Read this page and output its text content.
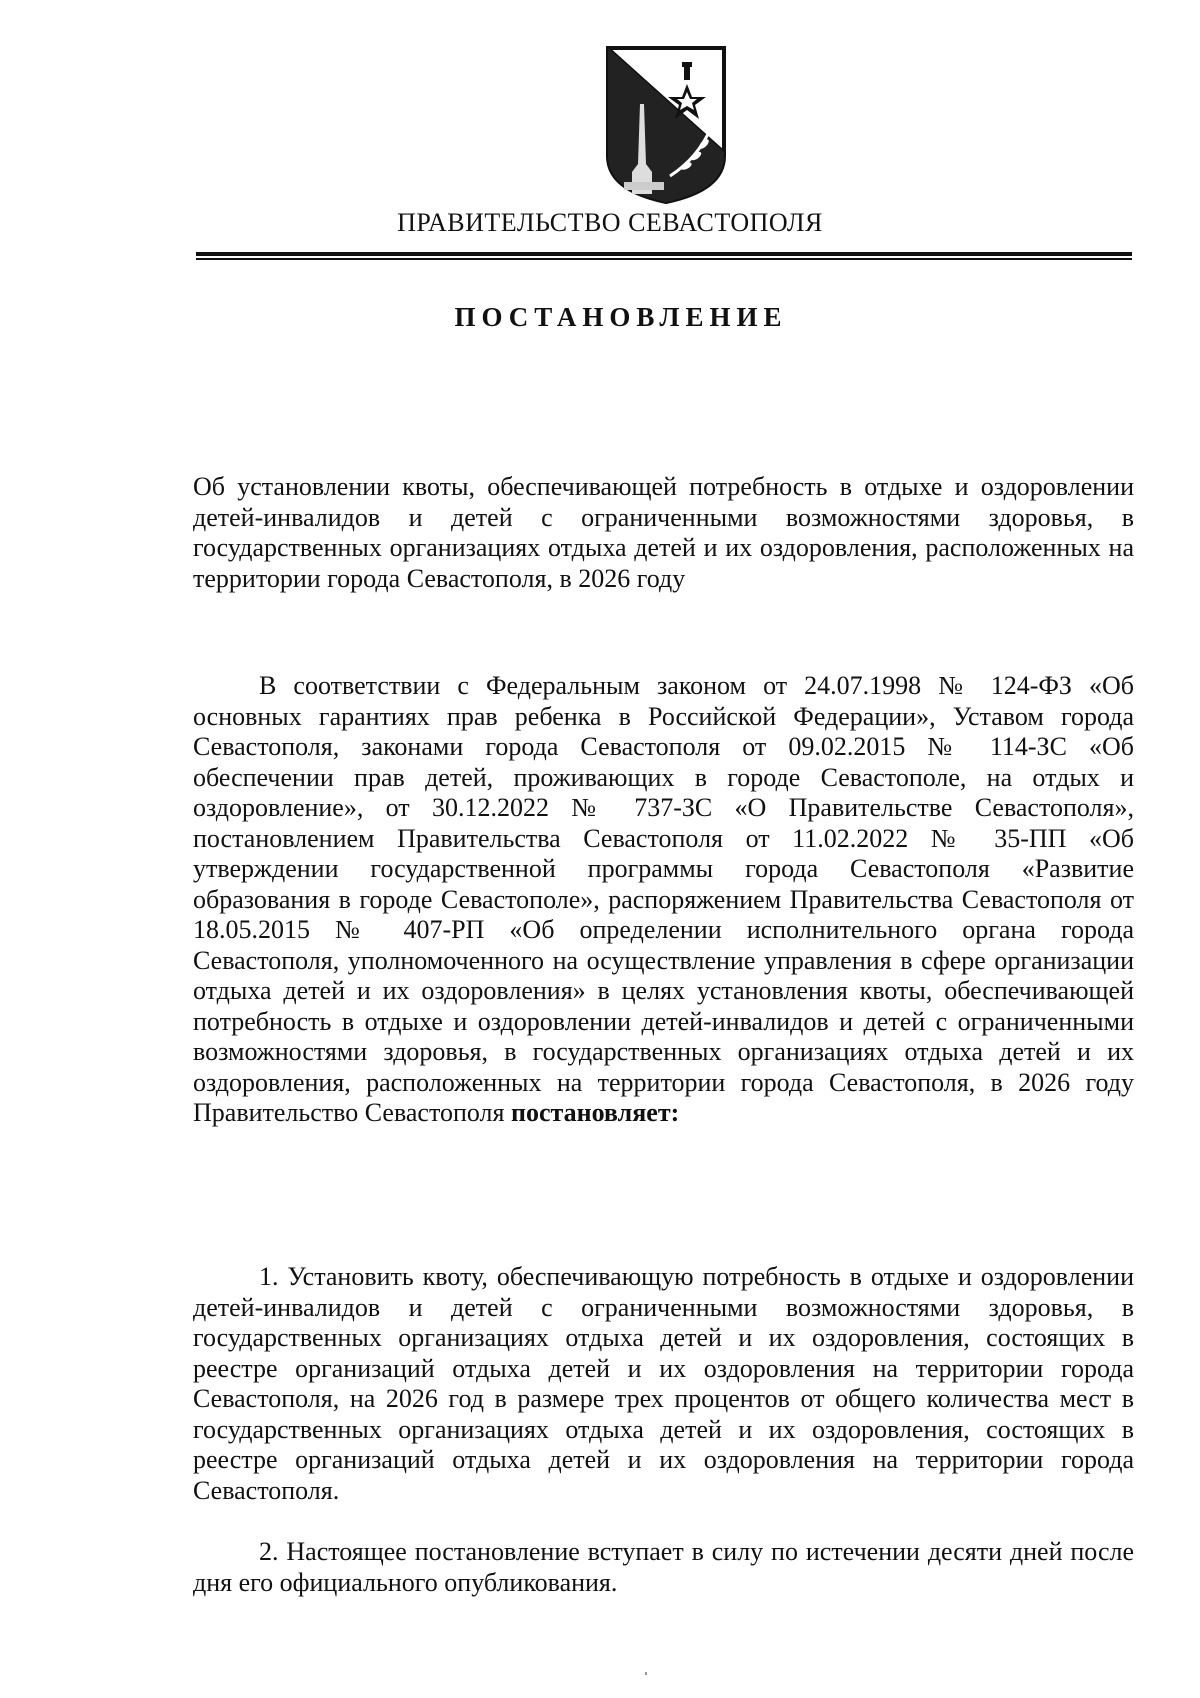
ПРАВИТЕЛЬСТВО СЕВАСТОПОЛЯ
ПОСТАНОВЛЕНИЕ
Об установлении квоты, обеспечивающей потребность в отдыхе и оздоровлении детей-инвалидов и детей с ограниченными возможностями здоровья, в государственных организациях отдыха детей и их оздоровления, расположенных на территории города Севастополя, в 2026 году
В соответствии с Федеральным законом от 24.07.1998 № 124-ФЗ «Об основных гарантиях прав ребенка в Российской Федерации», Уставом города Севастополя, законами города Севастополя от 09.02.2015 № 114-ЗС «Об обеспечении прав детей, проживающих в городе Севастополе, на отдых и оздоровление», от 30.12.2022 № 737-ЗС «О Правительстве Севастополя», постановлением Правительства Севастополя от 11.02.2022 № 35-ПП «Об утверждении государственной программы города Севастополя «Развитие образования в городе Севастополе», распоряжением Правительства Севастополя от 18.05.2015 № 407-РП «Об определении исполнительного органа города Севастополя, уполномоченного на осуществление управления в сфере организации отдыха детей и их оздоровления» в целях установления квоты, обеспечивающей потребность в отдыхе и оздоровлении детей-инвалидов и детей с ограниченными возможностями здоровья, в государственных организациях отдыха детей и их оздоровления, расположенных на территории города Севастополя, в 2026 году Правительство Севастополя постановляет:
1. Установить квоту, обеспечивающую потребность в отдыхе и оздоровлении детей-инвалидов и детей с ограниченными возможностями здоровья, в государственных организациях отдыха детей и их оздоровления, состоящих в реестре организаций отдыха детей и их оздоровления на территории города Севастополя, на 2026 год в размере трех процентов от общего количества мест в государственных организациях отдыха детей и их оздоровления, состоящих в реестре организаций отдыха детей и их оздоровления на территории города Севастополя.
2. Настоящее постановление вступает в силу по истечении десяти дней после дня его официального опубликования.
